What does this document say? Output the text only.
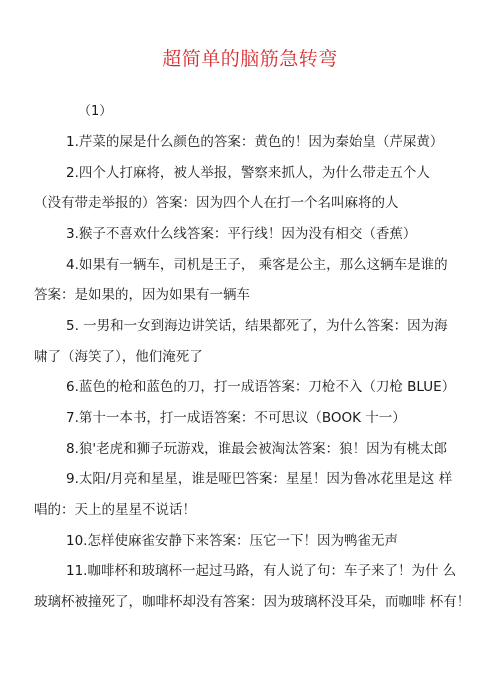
超简单的脑筋急转弯
（1）
1.芹菜的屎是什么颜色的答案：黄色的！因为秦始皇（芹屎黄）
2.四个人打麻将，被人举报，警察来抓人，为什么带走五个人
（没有带走举报的）答案：因为四个人在打一个名叫麻将的人
3.猴子不喜欢什么线答案：平行线！因为没有相交（香蕉）
4.如果有一辆车，司机是王子， 乘客是公主，那么这辆车是谁的
答案：是如果的，因为如果有一辆车
5. 一男和一女到海边讲笑话，结果都死了，为什么答案：因为海
啸了（海笑了），他们淹死了
6.蓝色的枪和蓝色的刀，打一成语答案：刀枪不入（刀枪 BLUE）
7.第十一本书，打一成语答案：不可思议（BOOK 十一）
8.狼'老虎和狮子玩游戏，谁最会被淘汰答案：狼！因为有桃太郎
9.太阳/月亮和星星，谁是哑巴答案：星星！因为鲁冰花里是这 样
唱的：天上的星星不说话！
10.怎样使麻雀安静下来答案：压它一下！因为鸭雀无声
11.咖啡杯和玻璃杯一起过马路，有人说了句：车子来了！为什 么
玻璃杯被撞死了，咖啡杯却没有答案：因为玻璃杯没耳朵，而咖啡 杯有！
